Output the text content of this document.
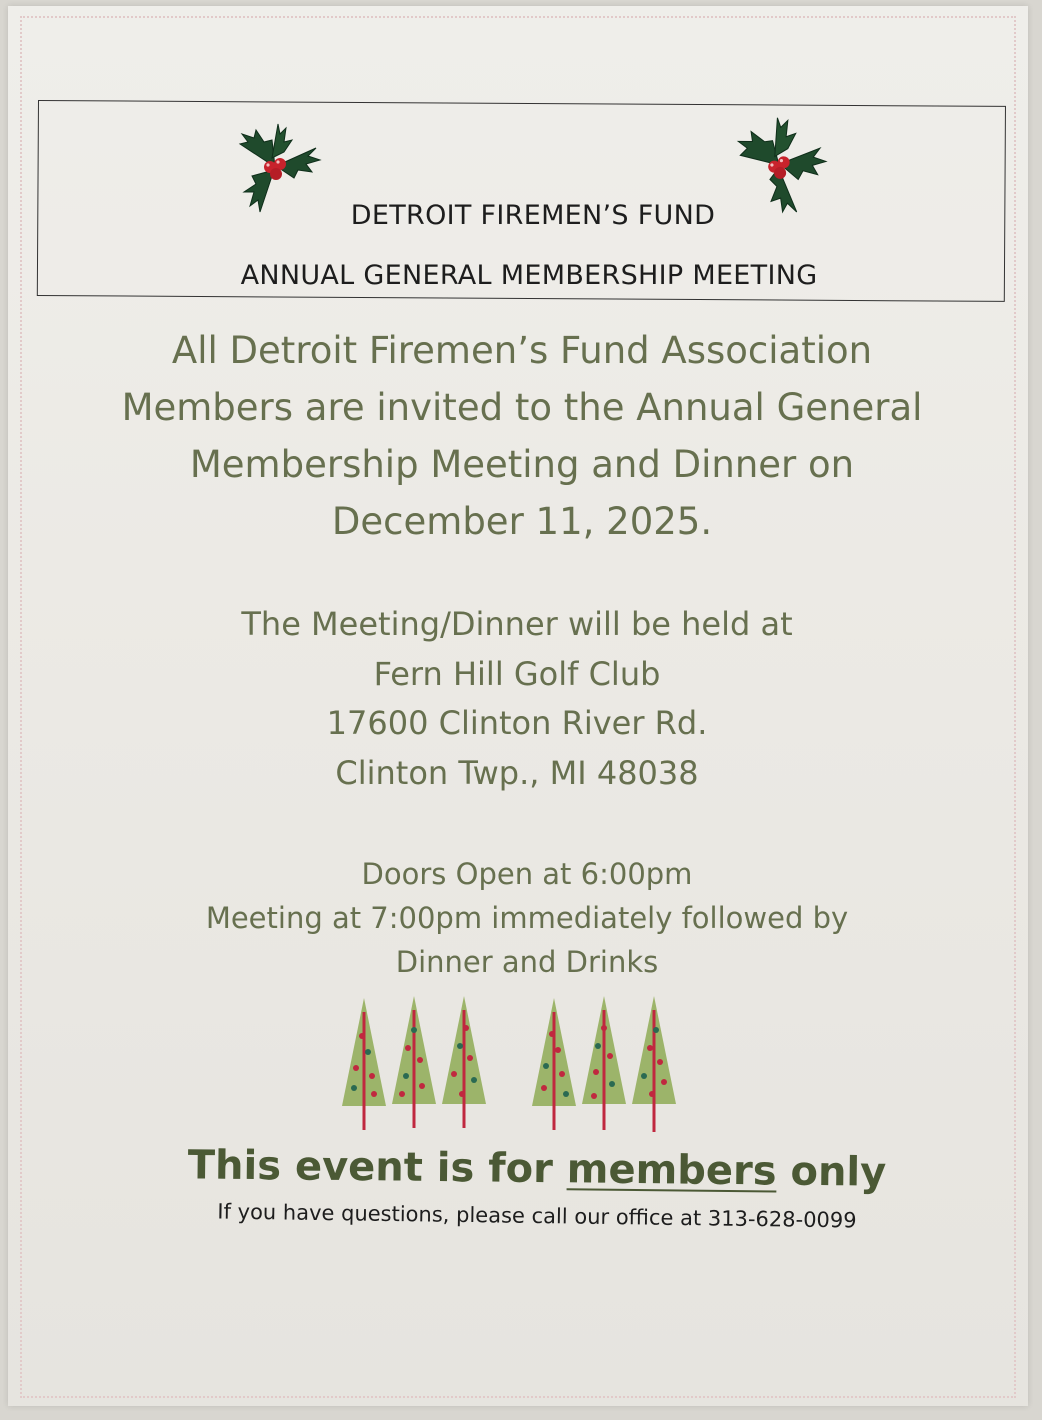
DETROIT FIREMEN’S FUND
ANNUAL GENERAL MEMBERSHIP MEETING
All Detroit Firemen’s Fund Association
Members are invited to the Annual General
Membership Meeting and Dinner on
December 11, 2025.
The Meeting/Dinner will be held at
Fern Hill Golf Club
17600 Clinton River Rd.
Clinton Twp., MI 48038
Doors Open at 6:00pm
Meeting at 7:00pm immediately followed by
Dinner and Drinks
This event is for members only
If you have questions, please call our office at 313-628-0099
